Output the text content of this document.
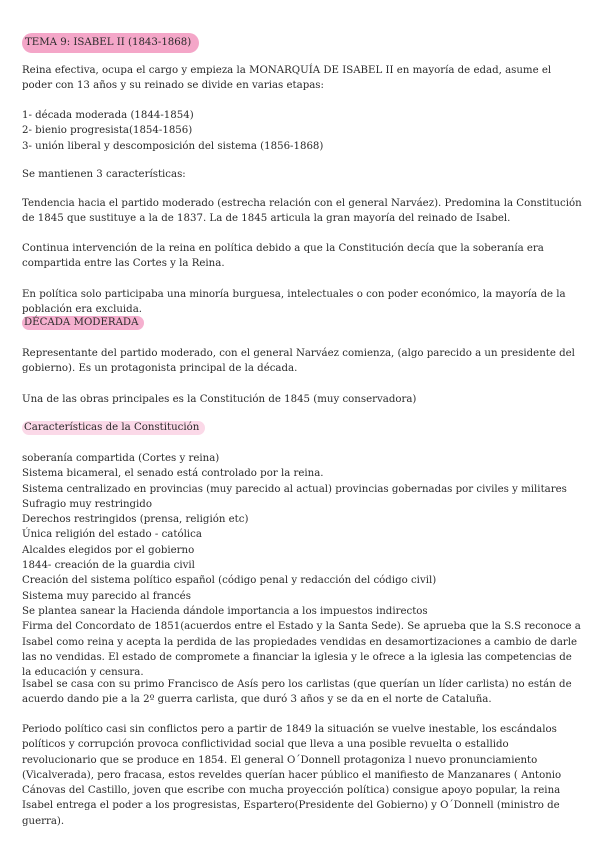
TEMA 9: ISABEL II (1843-1868)

Reina efectiva, ocupa el cargo y empieza la MONARQUÍA DE ISABEL II en mayoría de edad, asume el poder con 13 años y su reinado se divide en varias etapas:

1- década moderada (1844-1854)
2- bienio progresista(1854-1856)
3- unión liberal y descomposición del sistema (1856-1868)

Se mantienen 3 características:

Tendencia hacia el partido moderado (estrecha relación con el general Narváez). Predomina la Constitución de 1845 que sustituye a la de 1837. La de 1845 articula la gran mayoría del reinado de Isabel.

Continua intervención de la reina en política debido a que la Constitución decía que la soberanía era compartida entre las Cortes y la Reina.

En política solo participaba una minoría burguesa, intelectuales o con poder económico, la mayoría de la población era excluida.

DÉCADA MODERADA

Representante del partido moderado, con el general Narváez comienza, (algo parecido a un presidente del gobierno). Es un protagonista principal de la década.

Una de las obras principales es la Constitución de 1845 (muy conservadora)

Características de la Constitución
soberanía compartida (Cortes y reina)
Sistema bicameral, el senado está controlado por la reina.
Sistema centralizado en provincias (muy parecido al actual) provincias gobernadas por civiles y militares
Sufragio muy restringido
Derechos restringidos (prensa, religión etc)
Única religión del estado - católica
Alcaldes elegidos por el gobierno
1844- creación de la guardia civil
Creación del sistema político español (código penal y redacción del código civil)
Sistema muy parecido al francés
Se plantea sanear la Hacienda dándole importancia a los impuestos indirectos
Firma del Concordato de 1851(acuerdos entre el Estado y la Santa Sede). Se aprueba que la S.S reconoce a Isabel como reina y acepta la perdida de las propiedades vendidas en desamortizaciones a cambio de darle las no vendidas. El estado de compromete a financiar la iglesia y le ofrece a la iglesia las competencias de la educación y censura.

Isabel se casa con su primo Francisco de Asís pero los carlistas (que querían un líder carlista) no están de acuerdo dando pie a la 2º guerra carlista, que duró 3 años y se da en el norte de Cataluña.

Periodo político casi sin conflictos pero a partir de 1849 la situación se vuelve inestable, los escándalos políticos y corrupción provoca conflictividad social que lleva a una posible revuelta o estallido revolucionario que se produce en 1854. El general O´Donnell protagoniza l nuevo pronunciamiento (Vicalverada), pero fracasa, estos reveldes querían hacer público el manifiesto de Manzanares ( Antonio Cánovas del Castillo, joven que escribe con mucha proyección política) consigue apoyo popular, la reina Isabel entrega el poder a los progresistas, Espartero(Presidente del Gobierno) y O´Donnell (ministro de guerra).
